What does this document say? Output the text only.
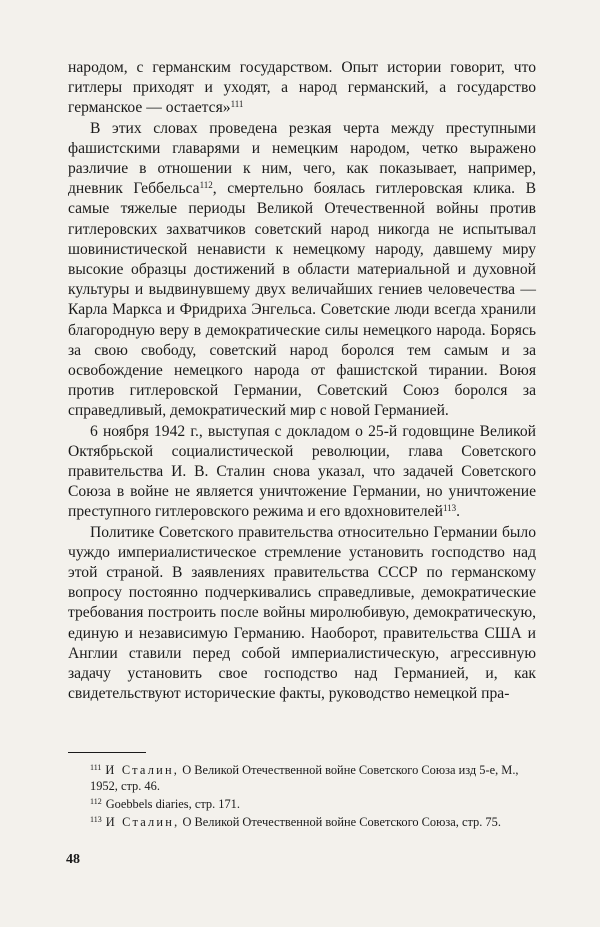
народом, с германским государством. Опыт истории говорит, что гитлеры приходят и уходят, а народ германский, а государство германское — остается»$^{111}$

В этих словах проведена резкая черта между преступными фашистскими главарями и немецким народом, четко выражено различие в отношении к ним, чего, как показывает, например, дневник Геббельса$^{112}$, смертельно боялась гитлеровская клика. В самые тяжелые периоды Великой Отечественной войны против гитлеровских захватчиков советский народ никогда не испытывал шовинистической ненависти к немецкому народу, давшему миру высокие образцы достижений в области материальной и духовной культуры и выдвинувшему двух величайших гениев человечества — Карла Маркса и Фридриха Энгельса. Советские люди всегда хранили благородную веру в демократические силы немецкого народа. Борясь за свою свободу, советский народ боролся тем самым и за освобождение немецкого народа от фашистской тирании. Воюя против гитлеровской Германии, Советский Союз боролся за справедливый, демократический мир с новой Германией.

6 ноября 1942 г., выступая с докладом о 25-й годовщине Великой Октябрьской социалистической революции, глава Советского правительства И. В. Сталин снова указал, что задачей Советского Союза в войне не является уничтожение Германии, но уничтожение преступного гитлеровского режима и его вдохновителей$^{113}$.

Политике Советского правительства относительно Германии было чуждо империалистическое стремление установить господство над этой страной. В заявлениях правительства СССР по германскому вопросу постоянно подчеркивались справедливые, демократические требования построить после войны миролюбивую, демократическую, единую и независимую Германию. Наоборот, правительства США и Англии ставили перед собой империалистическую, агрессивную задачу установить свое господство над Германией, и, как свидетельствуют исторические факты, руководство немецкой пра-

$^{111}$ И Сталин, О Великой Отечественной войне Советского Союза изд 5-е, М., 1952, стр. 46.

$^{112}$ Goebbels diaries, стр. 171.

$^{113}$ И Сталин, О Великой Отечественной войне Советского Союза, стр. 75.

48
